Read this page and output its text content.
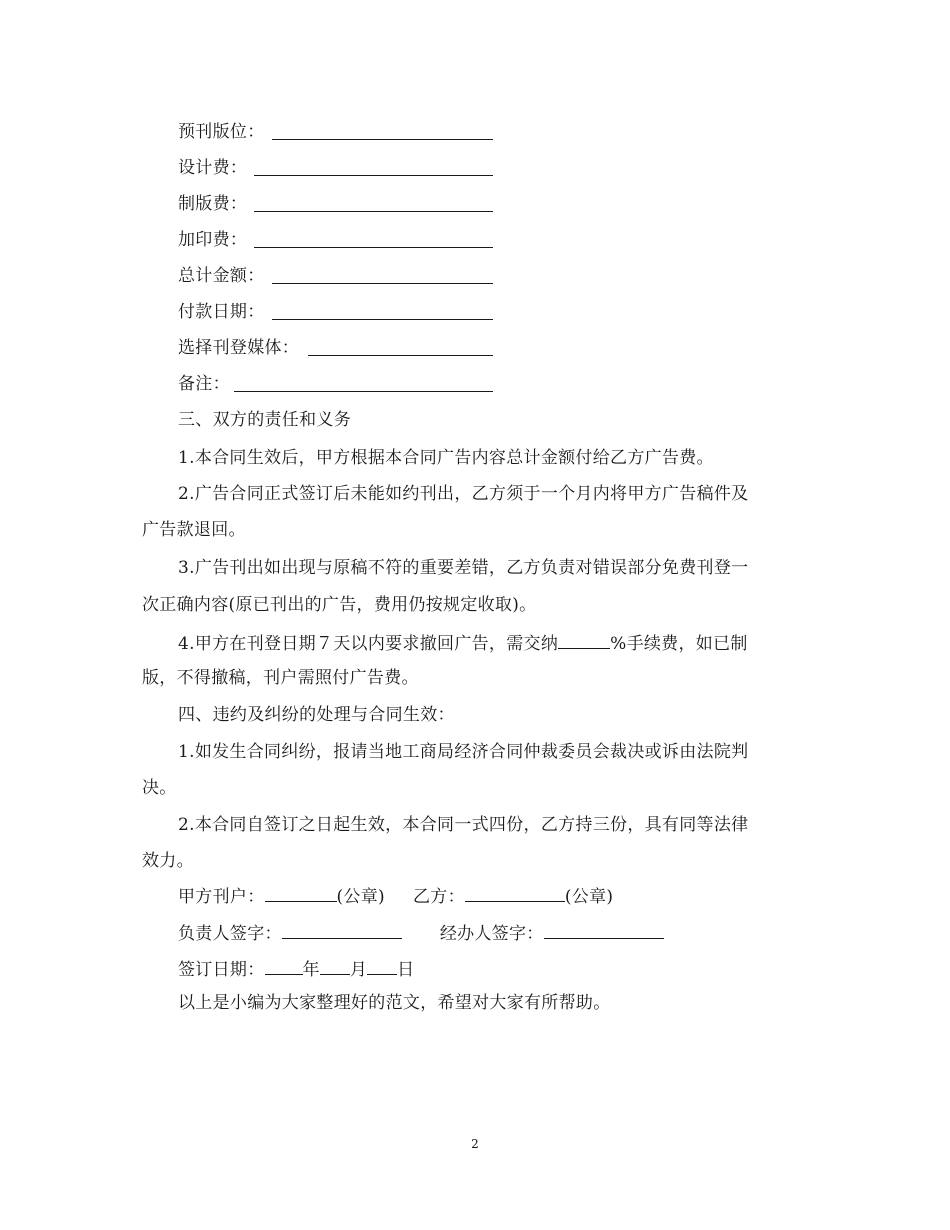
预刊版位：
设计费：
制版费：
加印费：
总计金额：
付款日期：
选择刊登媒体：
备注：
三、双方的责任和义务
1.本合同生效后，甲方根据本合同广告内容总计金额付给乙方广告费。
2.广告合同正式签订后未能如约刊出，乙方须于一个月内将甲方广告稿件及
广告款退回。
3.广告刊出如出现与原稿不符的重要差错，乙方负责对错误部分免费刊登一
次正确内容(原已刊出的广告，费用仍按规定收取)。
4.甲方在刊登日期７天以内要求撤回广告，需交纳	%手续费，如已制
版，不得撤稿，刊户需照付广告费。
四、违约及纠纷的处理与合同生效：
1.如发生合同纠纷，报请当地工商局经济合同仲裁委员会裁决或诉由法院判
决。
2.本合同自签订之日起生效，本合同一式四份，乙方持三份，具有同等法律
效力。
甲方刊户：	(公章) 乙方：	(公章)
负责人签字：	经办人签字：
签订日期： 年 月 日
以上是小编为大家整理好的范文，希望对大家有所帮助。
2
